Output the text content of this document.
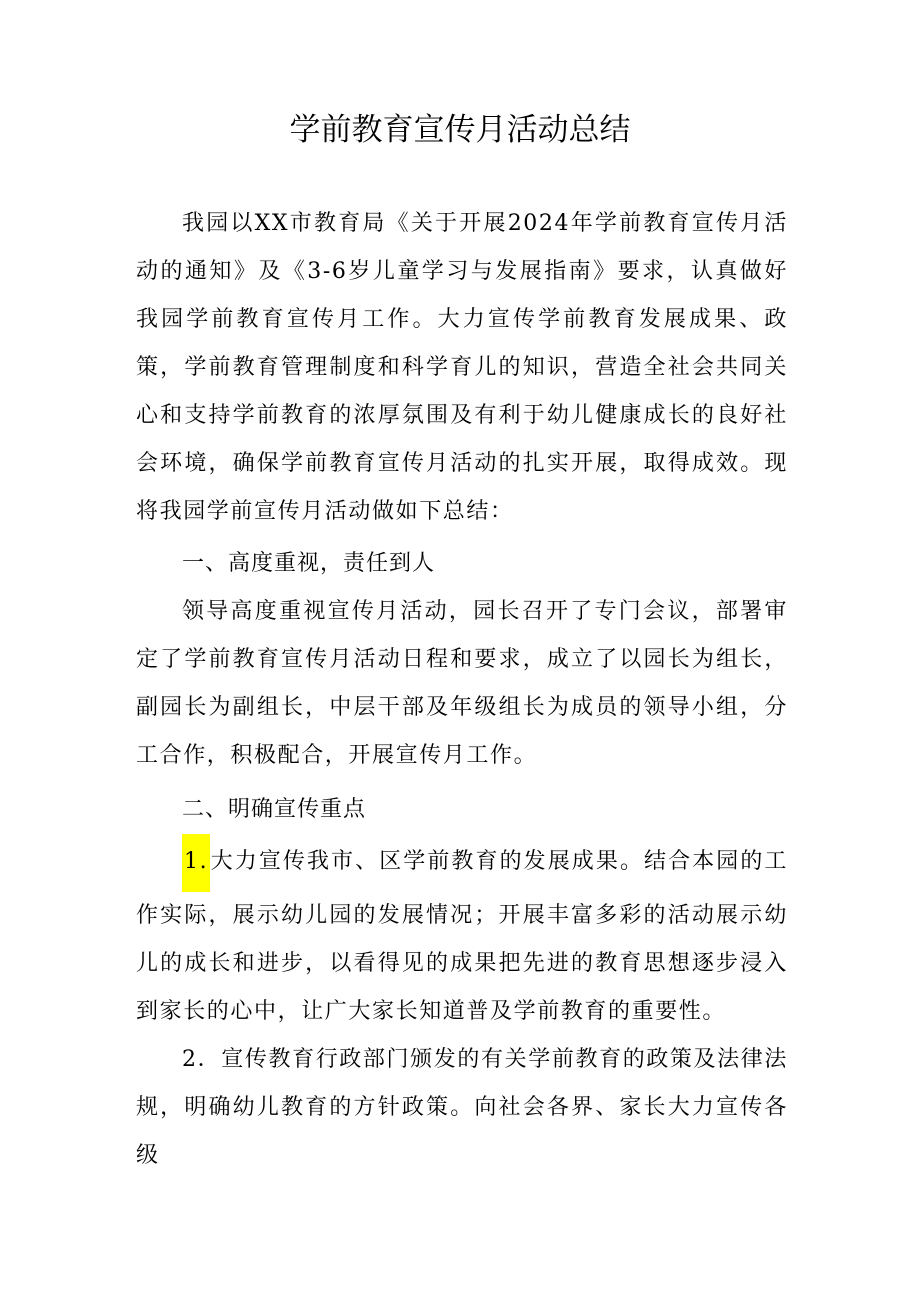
学前教育宣传月活动总结

我园以XX市教育局《关于开展2024年学前教育宣传月活动的通知》及《3-6岁儿童学习与发展指南》要求，认真做好我园学前教育宣传月工作。大力宣传学前教育发展成果、政策，学前教育管理制度和科学育儿的知识，营造全社会共同关心和支持学前教育的浓厚氛围及有利于幼儿健康成长的良好社会环境，确保学前教育宣传月活动的扎实开展，取得成效。现将我园学前宣传月活动做如下总结：

一、高度重视，责任到人

领导高度重视宣传月活动，园长召开了专门会议，部署审定了学前教育宣传月活动日程和要求，成立了以园长为组长，副园长为副组长，中层干部及年级组长为成员的领导小组，分工合作，积极配合，开展宣传月工作。

二、明确宣传重点

1.大力宣传我市、区学前教育的发展成果。结合本园的工作实际，展示幼儿园的发展情况；开展丰富多彩的活动展示幼儿的成长和进步，以看得见的成果把先进的教育思想逐步浸入到家长的心中，让广大家长知道普及学前教育的重要性。

2．宣传教育行政部门颁发的有关学前教育的政策及法律法规，明确幼儿教育的方针政策。向社会各界、家长大力宣传各级
